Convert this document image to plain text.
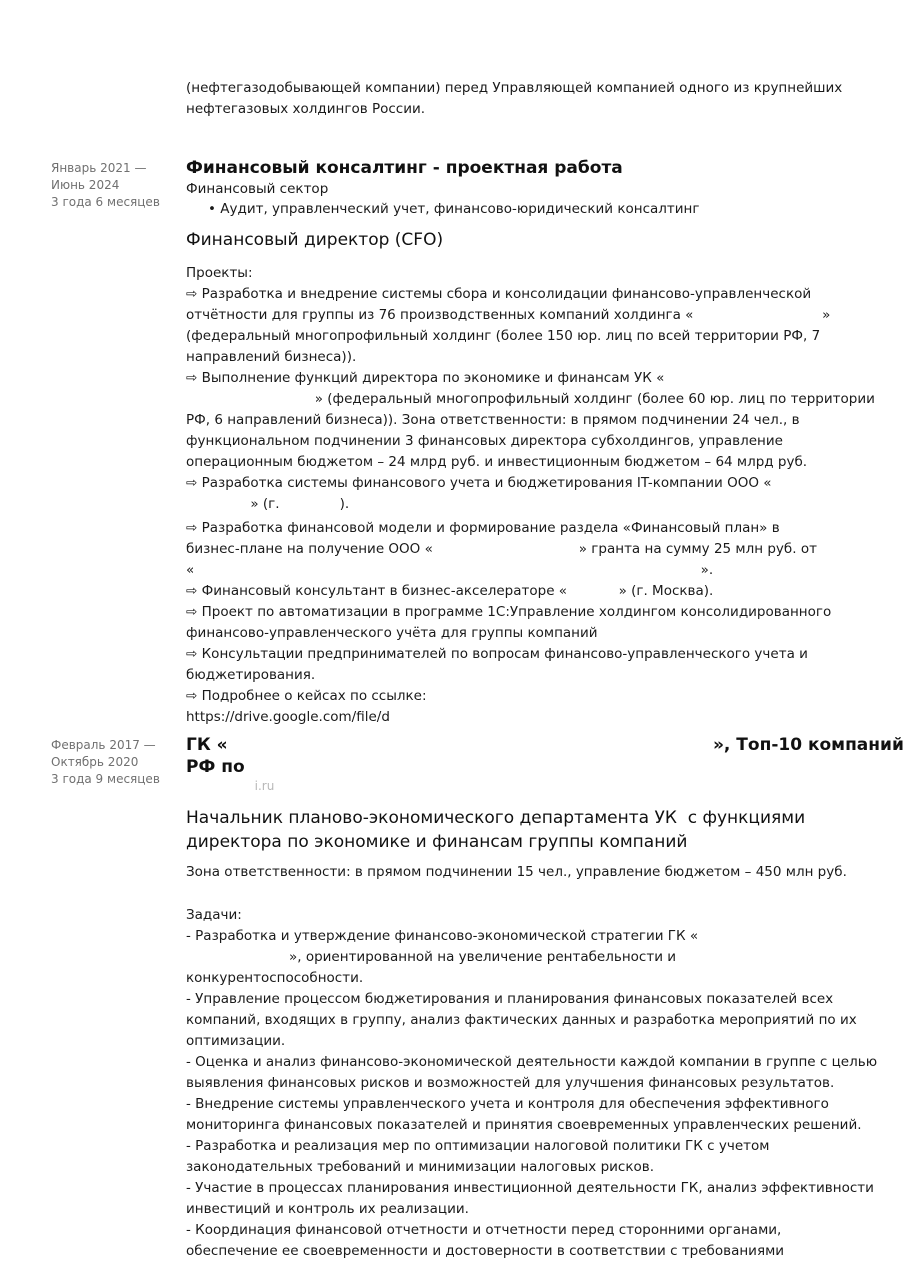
(нефтегазодобывающей компании) перед Управляющей компанией одного из крупнейших
нефтегазовых холдингов России.
Январь 2021 —
Июнь 2024
3 года 6 месяцев
Финансовый консалтинг - проектная работа
Финансовый сектор
• Аудит, управленческий учет, финансово-юридический консалтинг
Финансовый директор (CFO)
Проекты:
⇨ Разработка и внедрение системы сбора и консолидации финансово-управленческой
отчётности для группы из 76 производственных компаний холдинга «                              »
(федеральный многопрофильный холдинг (более 150 юр. лиц по всей территории РФ, 7
направлений бизнеса)).
⇨ Выполнение функций директора по экономике и финансам УК «
» (федеральный многопрофильный холдинг (более 60 юр. лиц по территории
РФ, 6 направлений бизнеса)). Зона ответственности: в прямом подчинении 24 чел., в
функциональном подчинении 3 финансовых директора субхолдингов, управление
операционным бюджетом – 24 млрд руб. и инвестиционным бюджетом – 64 млрд руб.
⇨ Разработка системы финансового учета и бюджетирования IT-компании ООО «
» (г.              ).
⇨ Разработка финансовой модели и формирование раздела «Финансовый план» в
бизнес-плане на получение ООО «                                  » гранта на сумму 25 млн руб. от
«                                                                                                                      ».
⇨ Финансовый консультант в бизнес-акселераторе «            » (г. Москва).
⇨ Проект по автоматизации в программе 1С:Управление холдингом консолидированного
финансово-управленческого учёта для группы компаний
⇨ Консультации предпринимателей по вопросам финансово-управленческого учета и
бюджетирования.
⇨ Подробнее о кейсах по ссылке:
https://drive.google.com/file/d
Февраль 2017 —
Октябрь 2020
3 года 9 месяцев
ГК «                                                                                  », Топ-10 компаний
РФ по
i.ru
Начальник планово-экономического департамента УК  с функциями
директора по экономике и финансам группы компаний
Зона ответственности: в прямом подчинении 15 чел., управление бюджетом – 450 млн руб.
Задачи:
- Разработка и утверждение финансово-экономической стратегии ГК «
», ориентированной на увеличение рентабельности и
конкурентоспособности.
- Управление процессом бюджетирования и планирования финансовых показателей всех
компаний, входящих в группу, анализ фактических данных и разработка мероприятий по их
оптимизации.
- Оценка и анализ финансово-экономической деятельности каждой компании в группе с целью
выявления финансовых рисков и возможностей для улучшения финансовых результатов.
- Внедрение системы управленческого учета и контроля для обеспечения эффективного
мониторинга финансовых показателей и принятия своевременных управленческих решений.
- Разработка и реализация мер по оптимизации налоговой политики ГК с учетом
законодательных требований и минимизации налоговых рисков.
- Участие в процессах планирования инвестиционной деятельности ГК, анализ эффективности
инвестиций и контроль их реализации.
- Координация финансовой отчетности и отчетности перед сторонними органами,
обеспечение ее своевременности и достоверности в соответствии с требованиями
